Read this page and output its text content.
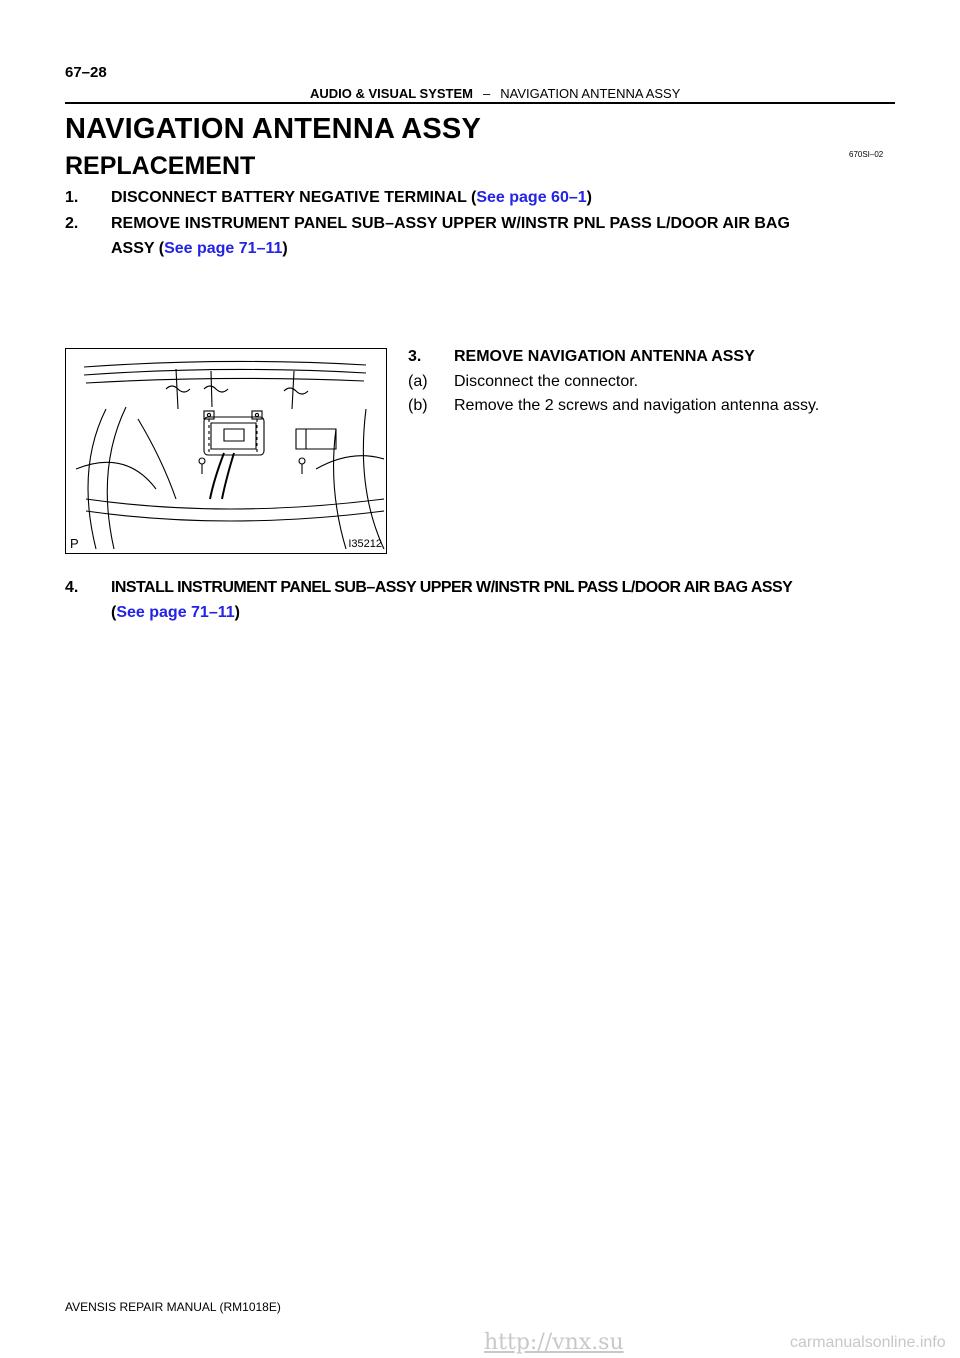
67–28
AUDIO & VISUAL SYSTEM – NAVIGATION ANTENNA ASSY
NAVIGATION ANTENNA ASSY
REPLACEMENT	670SI–02
1. DISCONNECT BATTERY NEGATIVE TERMINAL (See page 60–1)
2. REMOVE INSTRUMENT PANEL SUB–ASSY UPPER W/INSTR PNL PASS L/DOOR AIR BAG
ASSY (See page 71–11)
P	I35212
3. REMOVE NAVIGATION ANTENNA ASSY
(a) Disconnect the connector.
(b) Remove the 2 screws and navigation antenna assy.
4. INSTALL INSTRUMENT PANEL SUB–ASSY UPPER W/INSTR PNL PASS L/DOOR AIR BAG ASSY
(See page 71–11)
AVENSIS REPAIR MANUAL (RM1018E)
http://vnx.su	carmanualsonline.info
